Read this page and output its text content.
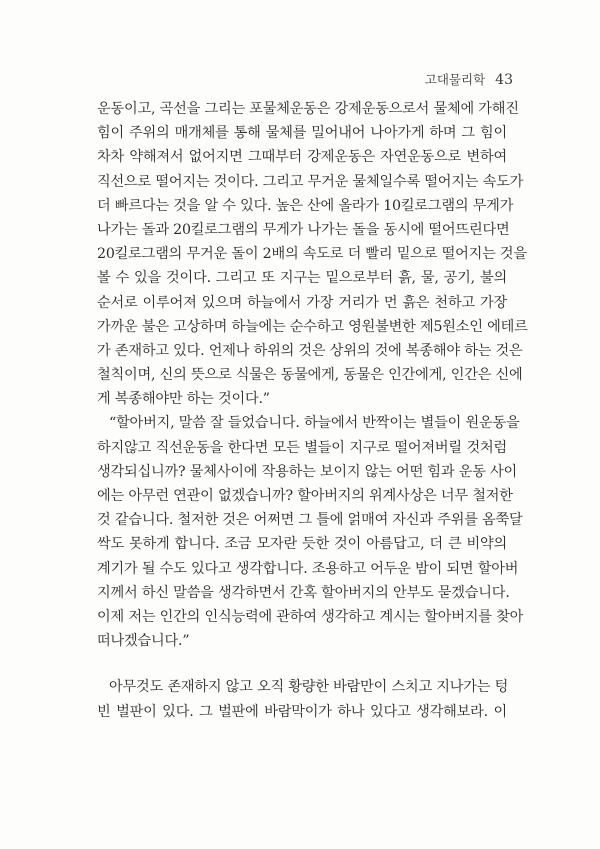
고대물리학 43
운동이고, 곡선을 그리는 포물체운동은 강제운동으로서 물체에 가해진
힘이 주위의 매개체를 통해 물체를 밀어내어 나아가게 하며 그 힘이
차차 약해져서 없어지면 그때부터 강제운동은 자연운동으로 변하여
직선으로 떨어지는 것이다. 그리고 무거운 물체일수록 떨어지는 속도가
더 빠르다는 것을 알 수 있다. 높은 산에 올라가 10킬로그램의 무게가
나가는 돌과 20킬로그램의 무게가 나가는 돌을 동시에 떨어뜨린다면
20킬로그램의 무거운 돌이 2배의 속도로 더 빨리 밑으로 떨어지는 것을
볼 수 있을 것이다. 그리고 또 지구는 밑으로부터 흙, 물, 공기, 불의
순서로 이루어져 있으며 하늘에서 가장 거리가 먼 흙은 천하고 가장
가까운 불은 고상하며 하늘에는 순수하고 영원불변한 제5원소인 에테르
가 존재하고 있다. 언제나 하위의 것은 상위의 것에 복종해야 하는 것은
철칙이며, 신의 뜻으로 식물은 동물에게, 동물은 인간에게, 인간은 신에
게 복종해야만 하는 것이다.”
“할아버지, 말씀 잘 들었습니다. 하늘에서 반짝이는 별들이 원운동을
하지않고 직선운동을 한다면 모든 별들이 지구로 떨어져버릴 것처럼
생각되십니까? 물체사이에 작용하는 보이지 않는 어떤 힘과 운동 사이
에는 아무런 연관이 없겠습니까? 할아버지의 위계사상은 너무 철저한
것 같습니다. 철저한 것은 어쩌면 그 틀에 얽매여 자신과 주위를 옴쭉달
싹도 못하게 합니다. 조금 모자란 듯한 것이 아름답고, 더 큰 비약의
계기가 될 수도 있다고 생각합니다. 조용하고 어두운 밤이 되면 할아버
지께서 하신 말씀을 생각하면서 간혹 할아버지의 안부도 묻겠습니다.
이제 저는 인간의 인식능력에 관하여 생각하고 계시는 할아버지를 찾아
떠나겠습니다.”
아무것도 존재하지 않고 오직 황량한 바람만이 스치고 지나가는 텅
빈 벌판이 있다. 그 벌판에 바람막이가 하나 있다고 생각해보라. 이
